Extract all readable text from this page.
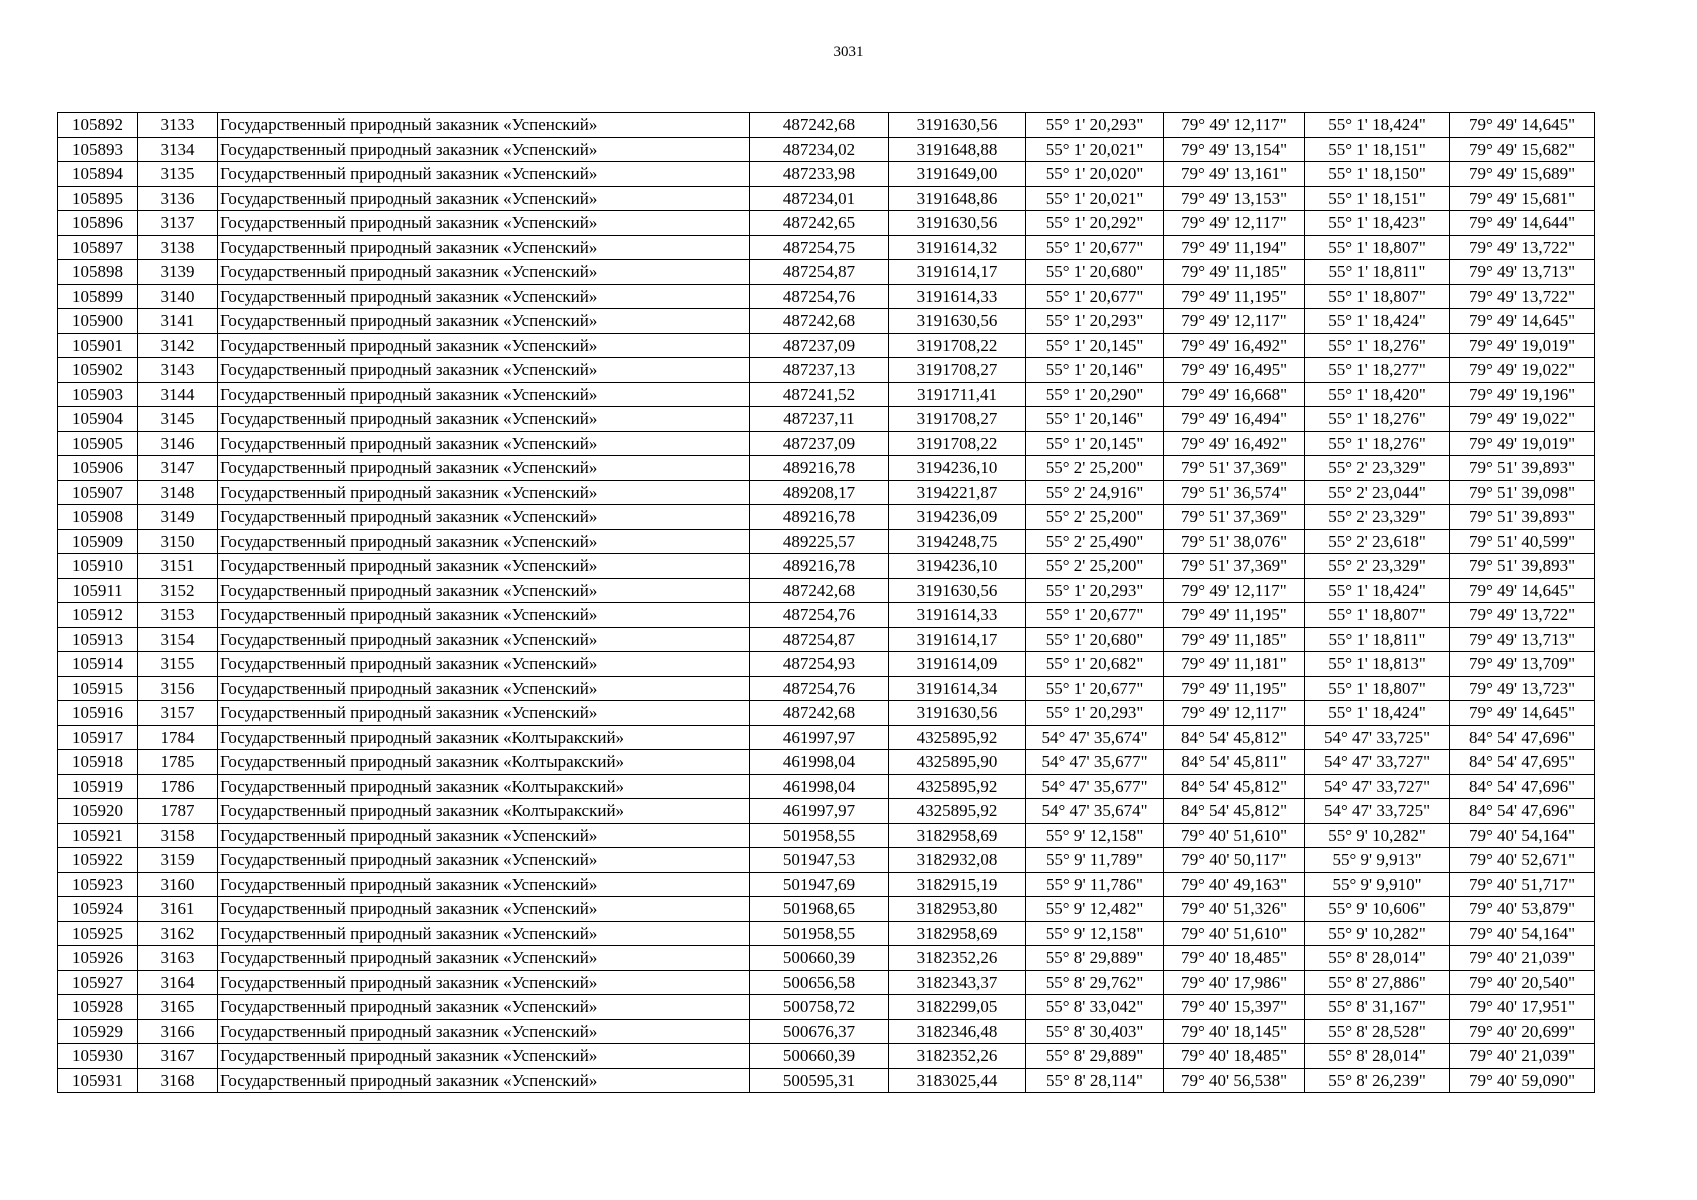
3031
105892	3133	Государственный природный заказник «Успенский»	487242,68	3191630,56	55° 1' 20,293"	79° 49' 12,117"	55° 1' 18,424"	79° 49' 14,645"
105893	3134	Государственный природный заказник «Успенский»	487234,02	3191648,88	55° 1' 20,021"	79° 49' 13,154"	55° 1' 18,151"	79° 49' 15,682"
105894	3135	Государственный природный заказник «Успенский»	487233,98	3191649,00	55° 1' 20,020"	79° 49' 13,161"	55° 1' 18,150"	79° 49' 15,689"
105895	3136	Государственный природный заказник «Успенский»	487234,01	3191648,86	55° 1' 20,021"	79° 49' 13,153"	55° 1' 18,151"	79° 49' 15,681"
105896	3137	Государственный природный заказник «Успенский»	487242,65	3191630,56	55° 1' 20,292"	79° 49' 12,117"	55° 1' 18,423"	79° 49' 14,644"
105897	3138	Государственный природный заказник «Успенский»	487254,75	3191614,32	55° 1' 20,677"	79° 49' 11,194"	55° 1' 18,807"	79° 49' 13,722"
105898	3139	Государственный природный заказник «Успенский»	487254,87	3191614,17	55° 1' 20,680"	79° 49' 11,185"	55° 1' 18,811"	79° 49' 13,713"
105899	3140	Государственный природный заказник «Успенский»	487254,76	3191614,33	55° 1' 20,677"	79° 49' 11,195"	55° 1' 18,807"	79° 49' 13,722"
105900	3141	Государственный природный заказник «Успенский»	487242,68	3191630,56	55° 1' 20,293"	79° 49' 12,117"	55° 1' 18,424"	79° 49' 14,645"
105901	3142	Государственный природный заказник «Успенский»	487237,09	3191708,22	55° 1' 20,145"	79° 49' 16,492"	55° 1' 18,276"	79° 49' 19,019"
105902	3143	Государственный природный заказник «Успенский»	487237,13	3191708,27	55° 1' 20,146"	79° 49' 16,495"	55° 1' 18,277"	79° 49' 19,022"
105903	3144	Государственный природный заказник «Успенский»	487241,52	3191711,41	55° 1' 20,290"	79° 49' 16,668"	55° 1' 18,420"	79° 49' 19,196"
105904	3145	Государственный природный заказник «Успенский»	487237,11	3191708,27	55° 1' 20,146"	79° 49' 16,494"	55° 1' 18,276"	79° 49' 19,022"
105905	3146	Государственный природный заказник «Успенский»	487237,09	3191708,22	55° 1' 20,145"	79° 49' 16,492"	55° 1' 18,276"	79° 49' 19,019"
105906	3147	Государственный природный заказник «Успенский»	489216,78	3194236,10	55° 2' 25,200"	79° 51' 37,369"	55° 2' 23,329"	79° 51' 39,893"
105907	3148	Государственный природный заказник «Успенский»	489208,17	3194221,87	55° 2' 24,916"	79° 51' 36,574"	55° 2' 23,044"	79° 51' 39,098"
105908	3149	Государственный природный заказник «Успенский»	489216,78	3194236,09	55° 2' 25,200"	79° 51' 37,369"	55° 2' 23,329"	79° 51' 39,893"
105909	3150	Государственный природный заказник «Успенский»	489225,57	3194248,75	55° 2' 25,490"	79° 51' 38,076"	55° 2' 23,618"	79° 51' 40,599"
105910	3151	Государственный природный заказник «Успенский»	489216,78	3194236,10	55° 2' 25,200"	79° 51' 37,369"	55° 2' 23,329"	79° 51' 39,893"
105911	3152	Государственный природный заказник «Успенский»	487242,68	3191630,56	55° 1' 20,293"	79° 49' 12,117"	55° 1' 18,424"	79° 49' 14,645"
105912	3153	Государственный природный заказник «Успенский»	487254,76	3191614,33	55° 1' 20,677"	79° 49' 11,195"	55° 1' 18,807"	79° 49' 13,722"
105913	3154	Государственный природный заказник «Успенский»	487254,87	3191614,17	55° 1' 20,680"	79° 49' 11,185"	55° 1' 18,811"	79° 49' 13,713"
105914	3155	Государственный природный заказник «Успенский»	487254,93	3191614,09	55° 1' 20,682"	79° 49' 11,181"	55° 1' 18,813"	79° 49' 13,709"
105915	3156	Государственный природный заказник «Успенский»	487254,76	3191614,34	55° 1' 20,677"	79° 49' 11,195"	55° 1' 18,807"	79° 49' 13,723"
105916	3157	Государственный природный заказник «Успенский»	487242,68	3191630,56	55° 1' 20,293"	79° 49' 12,117"	55° 1' 18,424"	79° 49' 14,645"
105917	1784	Государственный природный заказник «Колтыракский»	461997,97	4325895,92	54° 47' 35,674"	84° 54' 45,812"	54° 47' 33,725"	84° 54' 47,696"
105918	1785	Государственный природный заказник «Колтыракский»	461998,04	4325895,90	54° 47' 35,677"	84° 54' 45,811"	54° 47' 33,727"	84° 54' 47,695"
105919	1786	Государственный природный заказник «Колтыракский»	461998,04	4325895,92	54° 47' 35,677"	84° 54' 45,812"	54° 47' 33,727"	84° 54' 47,696"
105920	1787	Государственный природный заказник «Колтыракский»	461997,97	4325895,92	54° 47' 35,674"	84° 54' 45,812"	54° 47' 33,725"	84° 54' 47,696"
105921	3158	Государственный природный заказник «Успенский»	501958,55	3182958,69	55° 9' 12,158"	79° 40' 51,610"	55° 9' 10,282"	79° 40' 54,164"
105922	3159	Государственный природный заказник «Успенский»	501947,53	3182932,08	55° 9' 11,789"	79° 40' 50,117"	55° 9' 9,913"	79° 40' 52,671"
105923	3160	Государственный природный заказник «Успенский»	501947,69	3182915,19	55° 9' 11,786"	79° 40' 49,163"	55° 9' 9,910"	79° 40' 51,717"
105924	3161	Государственный природный заказник «Успенский»	501968,65	3182953,80	55° 9' 12,482"	79° 40' 51,326"	55° 9' 10,606"	79° 40' 53,879"
105925	3162	Государственный природный заказник «Успенский»	501958,55	3182958,69	55° 9' 12,158"	79° 40' 51,610"	55° 9' 10,282"	79° 40' 54,164"
105926	3163	Государственный природный заказник «Успенский»	500660,39	3182352,26	55° 8' 29,889"	79° 40' 18,485"	55° 8' 28,014"	79° 40' 21,039"
105927	3164	Государственный природный заказник «Успенский»	500656,58	3182343,37	55° 8' 29,762"	79° 40' 17,986"	55° 8' 27,886"	79° 40' 20,540"
105928	3165	Государственный природный заказник «Успенский»	500758,72	3182299,05	55° 8' 33,042"	79° 40' 15,397"	55° 8' 31,167"	79° 40' 17,951"
105929	3166	Государственный природный заказник «Успенский»	500676,37	3182346,48	55° 8' 30,403"	79° 40' 18,145"	55° 8' 28,528"	79° 40' 20,699"
105930	3167	Государственный природный заказник «Успенский»	500660,39	3182352,26	55° 8' 29,889"	79° 40' 18,485"	55° 8' 28,014"	79° 40' 21,039"
105931	3168	Государственный природный заказник «Успенский»	500595,31	3183025,44	55° 8' 28,114"	79° 40' 56,538"	55° 8' 26,239"	79° 40' 59,090"
